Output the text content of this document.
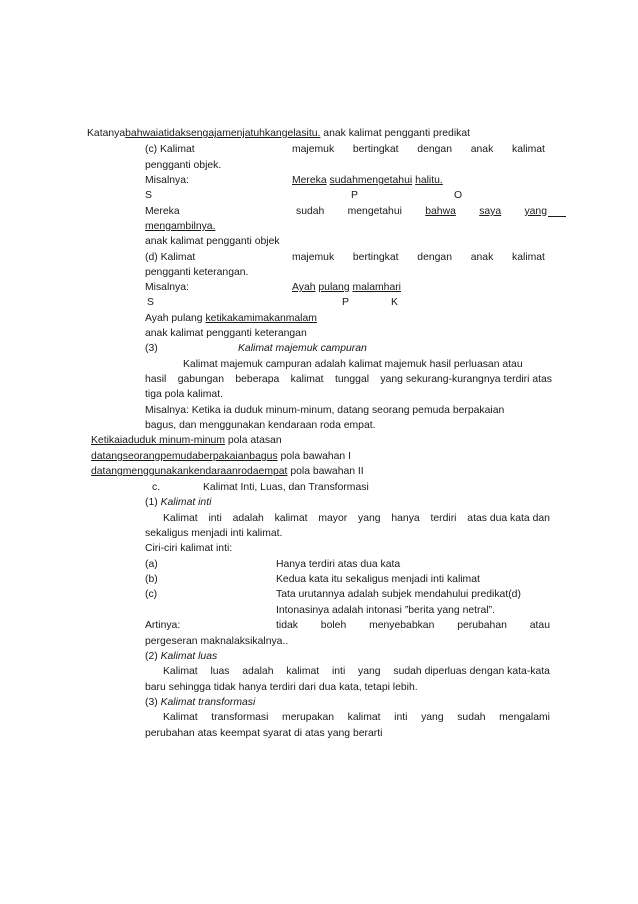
Katanyabahwaiatidaksengajamenjatuhkangelasitu. anak kalimat pengganti predikat
(c) Kalimat	majemuk bertingkat dengan anak kalimat
pengganti objek.
Misalnya:	Mereka sudahmengetahui halitu.
S	P	O
Mereka	sudah mengetahui bahwa saya yang
mengambilnya.
anak kalimat pengganti objek
(d) Kalimat	majemuk bertingkat dengan anak kalimat
pengganti keterangan.
Misalnya:	Ayah pulang malamhari
S	P	K
Ayah pulang ketikakamimakanmalam
anak kalimat pengganti keterangan
(3)	Kalimat majemuk campuran
Kalimat majemuk campuran adalah kalimat majemuk hasil perluasan atau
hasil gabungan beberapa kalimat tunggal yang sekurang-kurangnya terdiri atas
tiga pola kalimat.
Misalnya: Ketika ia duduk minum-minum, datang seorang pemuda berpakaian
bagus, dan menggunakan kendaraan roda empat.
Ketikaiaduduk minum-minum pola atasan
datangseorangpemudaberpakaianbagus pola bawahan I
datangmenggunakankendaraanrodaempat pola bawahan II
c.	Kalimat Inti, Luas, dan Transformasi
(1) Kalimat inti
Kalimat inti adalah kalimat mayor yang hanya terdiri atas dua kata dan
sekaligus menjadi inti kalimat.
Ciri-ciri kalimat inti:
(a)	Hanya terdiri atas dua kata
(b)	Kedua kata itu sekaligus menjadi inti kalimat
(c)	Tata urutannya adalah subjek mendahului predikat(d)
Intonasinya adalah intonasi ”berita yang netral”.
Artinya:	tidak boleh menyebabkan perubahan atau
pergeseran maknalaksikalnya..
(2) Kalimat luas
Kalimat luas adalah kalimat inti yang sudah diperluas dengan kata-kata
baru sehingga tidak hanya terdiri dari dua kata, tetapi lebih.
(3) Kalimat transformasi
Kalimat transformasi merupakan kalimat inti yang sudah mengalami
perubahan atas keempat syarat di atas yang berarti
